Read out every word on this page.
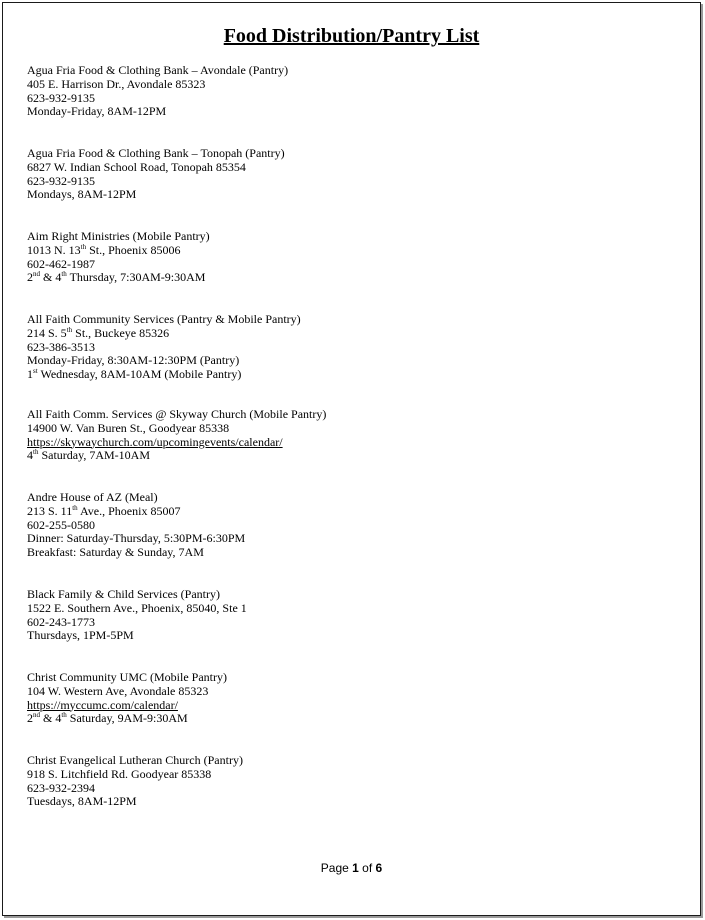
Food Distribution/Pantry List
Agua Fria Food & Clothing Bank – Avondale (Pantry)
405 E. Harrison Dr., Avondale 85323
623-932-9135
Monday-Friday, 8AM-12PM
Agua Fria Food & Clothing Bank – Tonopah (Pantry)
6827 W. Indian School Road, Tonopah 85354
623-932-9135
Mondays, 8AM-12PM
Aim Right Ministries (Mobile Pantry)
1013 N. 13th St., Phoenix 85006
602-462-1987
2nd & 4th Thursday, 7:30AM-9:30AM
All Faith Community Services (Pantry & Mobile Pantry)
214 S. 5th St., Buckeye 85326
623-386-3513
Monday-Friday, 8:30AM-12:30PM (Pantry)
1st Wednesday, 8AM-10AM (Mobile Pantry)
All Faith Comm. Services @ Skyway Church (Mobile Pantry)
14900 W. Van Buren St., Goodyear 85338
https://skywaychurch.com/upcomingevents/calendar/
4th Saturday, 7AM-10AM
Andre House of AZ (Meal)
213 S. 11th Ave., Phoenix 85007
602-255-0580
Dinner: Saturday-Thursday, 5:30PM-6:30PM
Breakfast: Saturday & Sunday, 7AM
Black Family & Child Services (Pantry)
1522 E. Southern Ave., Phoenix, 85040, Ste 1
602-243-1773
Thursdays, 1PM-5PM
Christ Community UMC (Mobile Pantry)
104 W. Western Ave, Avondale 85323
https://myccumc.com/calendar/
2nd & 4th Saturday, 9AM-9:30AM
Christ Evangelical Lutheran Church (Pantry)
918 S. Litchfield Rd. Goodyear 85338
623-932-2394
Tuesdays, 8AM-12PM
Page 1 of 6
